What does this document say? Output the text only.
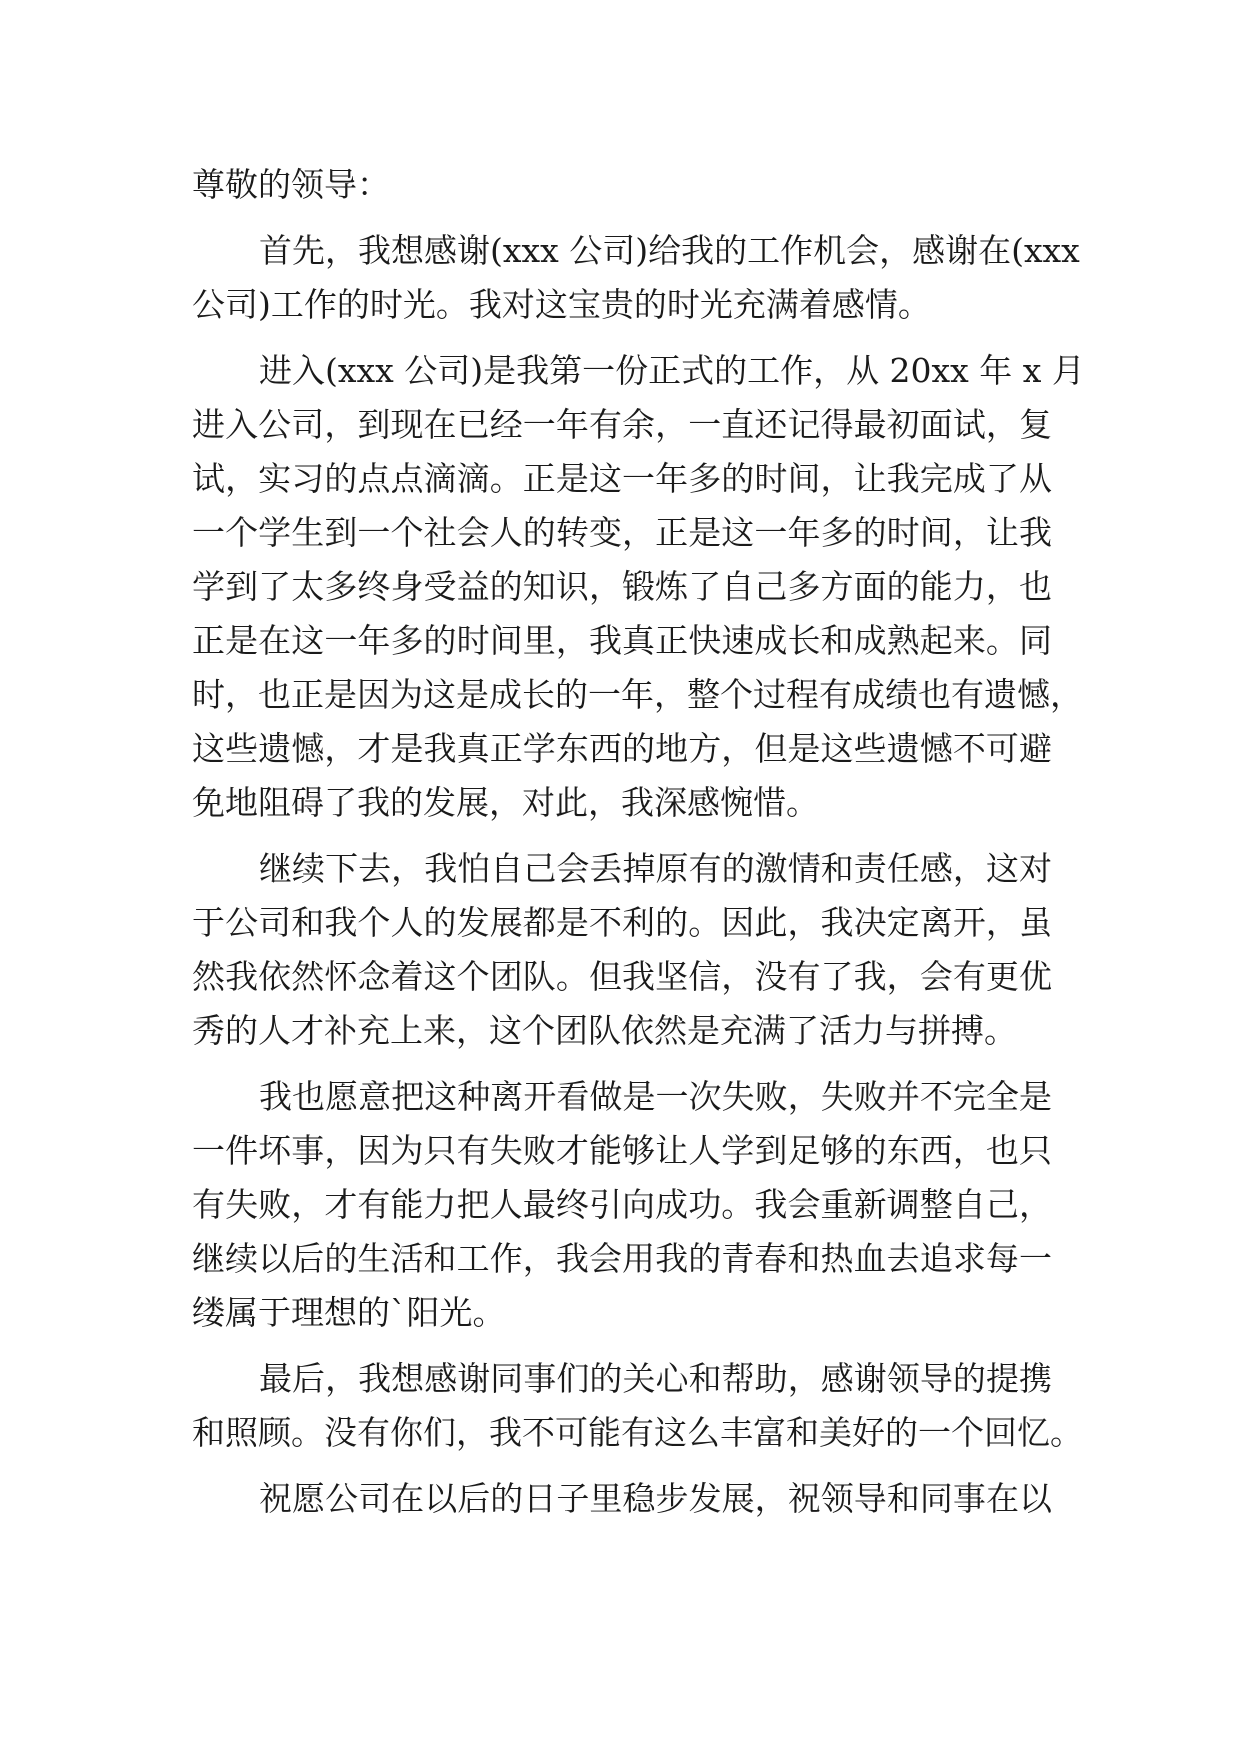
尊敬的领导：
首先，我想感谢(xxx 公司)给我的工作机会，感谢在(xxx
公司)工作的时光。我对这宝贵的时光充满着感情。
进入(xxx 公司)是我第一份正式的工作，从 20xx 年 x 月
进入公司，到现在已经一年有余，一直还记得最初面试，复
试，实习的点点滴滴。正是这一年多的时间，让我完成了从
一个学生到一个社会人的转变，正是这一年多的时间，让我
学到了太多终身受益的知识，锻炼了自己多方面的能力，也
正是在这一年多的时间里，我真正快速成长和成熟起来。同
时，也正是因为这是成长的一年，整个过程有成绩也有遗憾，
这些遗憾，才是我真正学东西的地方，但是这些遗憾不可避
免地阻碍了我的发展，对此，我深感惋惜。
继续下去，我怕自己会丢掉原有的激情和责任感，这对
于公司和我个人的发展都是不利的。因此，我决定离开，虽
然我依然怀念着这个团队。但我坚信，没有了我，会有更优
秀的人才补充上来，这个团队依然是充满了活力与拼搏。
我也愿意把这种离开看做是一次失败，失败并不完全是
一件坏事，因为只有失败才能够让人学到足够的东西，也只
有失败，才有能力把人最终引向成功。我会重新调整自己，
继续以后的生活和工作，我会用我的青春和热血去追求每一
缕属于理想的`阳光。
最后，我想感谢同事们的关心和帮助，感谢领导的提携
和照顾。没有你们，我不可能有这么丰富和美好的一个回忆。
祝愿公司在以后的日子里稳步发展，祝领导和同事在以
